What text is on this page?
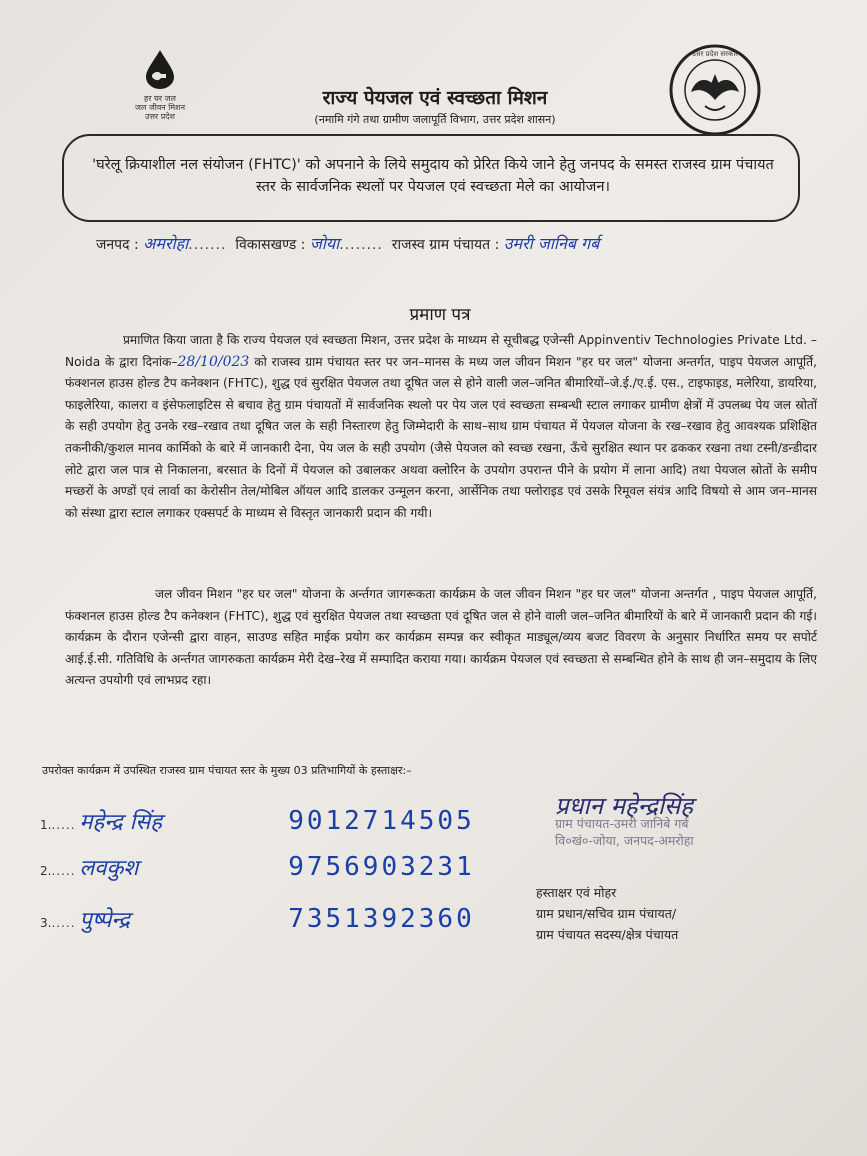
हर घर जल
जल जीवन मिशन
उत्तर प्रदेश
उत्तर प्रदेश सरकार
राज्य पेयजल एवं स्वच्छता मिशन
(नमामि गंगे तथा ग्रामीण जलापूर्ति विभाग, उत्तर प्रदेश शासन)
'घरेलू क्रियाशील नल संयोजन (FHTC)' को अपनाने के लिये समुदाय को प्रेरित किये जाने हेतु जनपद के समस्त राजस्व ग्राम पंचायत स्तर के सार्वजनिक स्थलों पर पेयजल एवं स्वच्छता मेले का आयोजन।
जनपद : अमरोहा....... विकासखण्ड : जोया........ राजस्व ग्राम पंचायत : उमरी जानिब गर्ब
प्रमाण पत्र
प्रमाणित किया जाता है कि राज्य पेयजल एवं स्वच्छता मिशन, उत्तर प्रदेश के माध्यम से सूचीबद्ध एजेन्सी Appinventiv Technologies Private Ltd. – Noida के द्वारा दिनांक–28/10/023 को राजस्व ग्राम पंचायत स्तर पर जन–मानस के मध्य जल जीवन मिशन "हर घर जल" योजना अन्तर्गत, पाइप पेयजल आपूर्ति, फंक्शनल हाउस होल्ड टैप कनेक्शन (FHTC), शुद्ध एवं सुरक्षित पेयजल तथा दूषित जल से होने वाली जल–जनित बीमारियों–जे.ई./ए.ई. एस., टाइफाइड, मलेरिया, डायरिया, फाइलेरिया, कालरा व इंसेफलाइटिस से बचाव हेतु ग्राम पंचायतों में सार्वजनिक स्थलो पर पेय जल एवं स्वच्छता सम्बन्धी स्टाल लगाकर ग्रामीण क्षेत्रों में उपलब्ध पेय जल स्रोतों के सही उपयोग हेतु उनके रख–रखाव तथा दूषित जल के सही निस्तारण हेतु जिम्मेदारी के साथ–साथ ग्राम पंचायत में पेयजल योजना के रख–रखाव हेतु आवश्यक प्रशिक्षित तकनीकी/कुशल मानव कार्मिको के बारे में जानकारी देना, पेय जल के सही उपयोग (जैसे पेयजल को स्वच्छ रखना, ऊँचे सुरक्षित स्थान पर ढककर रखना तथा टस्नी/डन्डीदार लोटे द्वारा जल पात्र से निकालना, बरसात के दिनों में पेयजल को उबालकर अथवा क्लोरिन के उपयोग उपरान्त पीने के प्रयोग में लाना आदि) तथा पेयजल स्रोतों के समीप मच्छरों के अण्डों एवं लार्वा का केरोसीन तेल/मोबिल ऑयल आदि डालकर उन्मूलन करना, आर्सेनिक तथा फ्लोराइड एवं उसके रिमूवल संयंत्र आदि विषयो से आम जन–मानस को संस्था द्वारा स्टाल लगाकर एक्सपर्ट के माध्यम से विस्तृत जानकारी प्रदान की गयी।
जल जीवन मिशन "हर घर जल" योजना के अर्न्तगत जागरूकता कार्यक्रम के जल जीवन मिशन "हर घर जल" योजना अन्तर्गत , पाइप पेयजल आपूर्ति, फंक्शनल हाउस होल्ड टैप कनेक्शन (FHTC), शुद्ध एवं सुरक्षित पेयजल तथा स्वच्छता एवं दूषित जल से होने वाली जल–जनित बीमारियों के बारे में जानकारी प्रदान की गई। कार्यक्रम के दौरान एजेन्सी द्वारा वाहन, साउण्ड सहित माईक प्रयोग कर कार्यक्रम सम्पन्न कर स्वीकृत माड्यूल/व्यय बजट विवरण के अनुसार निर्धारित समय पर सपोर्ट आई.ई.सी. गतिविधि के अर्न्तगत जागरुकता कार्यक्रम मेरी देख–रेख में सम्पादित कराया गया। कार्यक्रम पेयजल एवं स्वच्छता से सम्बन्धित होने के साथ ही जन–समुदाय के लिए अत्यन्त उपयोगी एवं लाभप्रद रहा।
उपरोक्त कार्यक्रम में उपस्थित राजस्व ग्राम पंचायत स्तर के मुख्य 03 प्रतिभागियों के हस्ताक्षर:–
1...... महेन्द्र सिंह	9012714505
2...... लवकुश	9756903231
3...... पुष्पेन्द्र	7351392360
प्रधान महेन्द्रसिंह
ग्राम पंचायत-उमरी जानिबे गर्ब
वि०खं०-जोया, जनपद-अमरोहा
हस्ताक्षर एवं मोहर
ग्राम प्रधान/सचिव ग्राम पंचायत/
ग्राम पंचायत सदस्य/क्षेत्र पंचायत
